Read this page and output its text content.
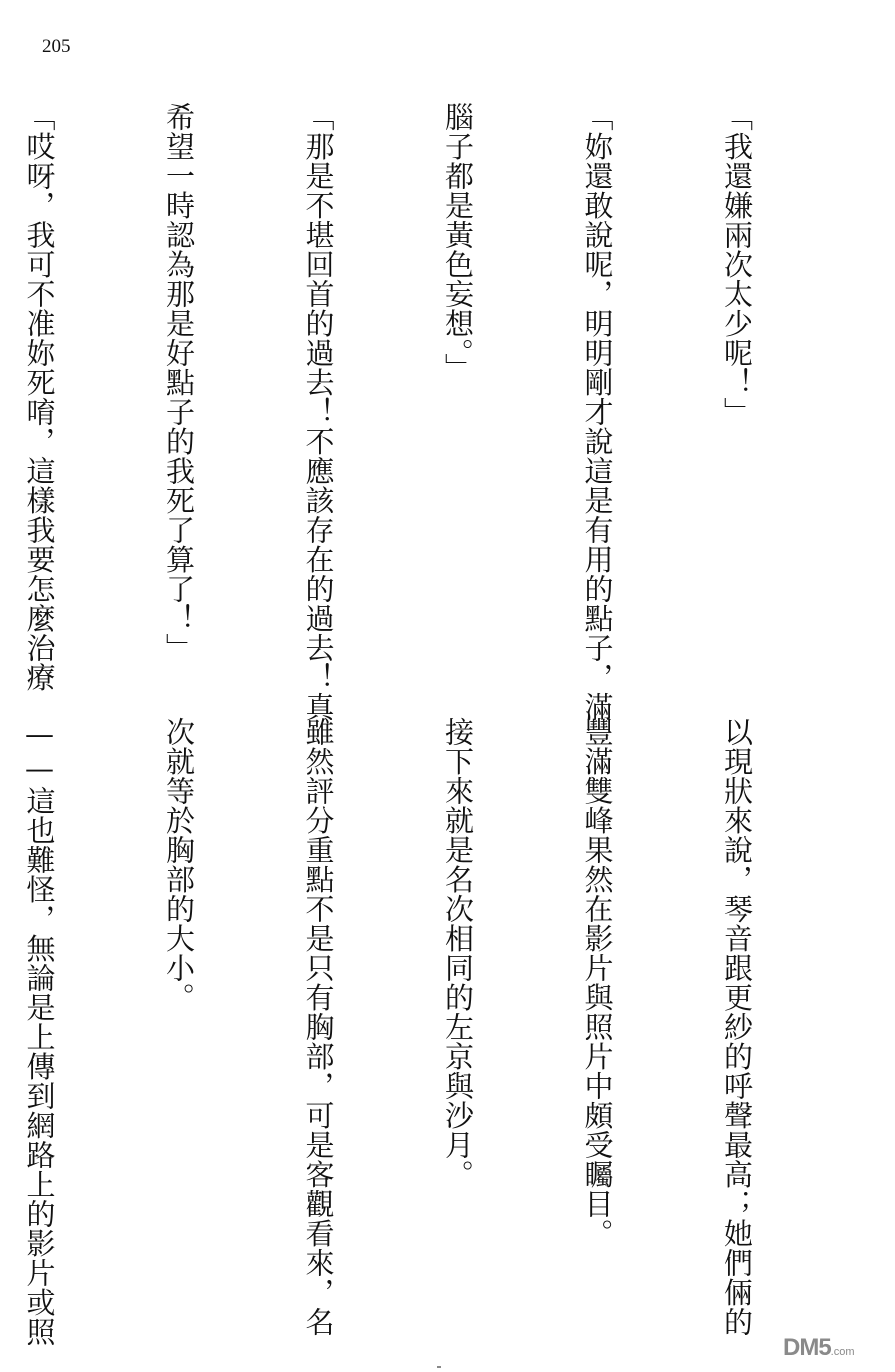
205

「我還嫌兩次太少呢！」

「妳還敢說呢，明明剛才說這是有用的點子，滿

腦子都是黃色妄想。」

「那是不堪回首的過去！不應該存在的過去！真

希望一時認為那是好點子的我死了算了！」

「哎呀，我可不准妳死唷，這樣我要怎麼治療

以現狀來說，琴音跟更紗的呼聲最高；她們倆的

豐滿雙峰果然在影片與照片中頗受矚目。

接下來就是名次相同的左京與沙月。

雖然評分重點不是只有胸部，可是客觀看來，名

次就等於胸部的大小。

——這也難怪，無論是上傳到網路上的影片或照

DM5.com
